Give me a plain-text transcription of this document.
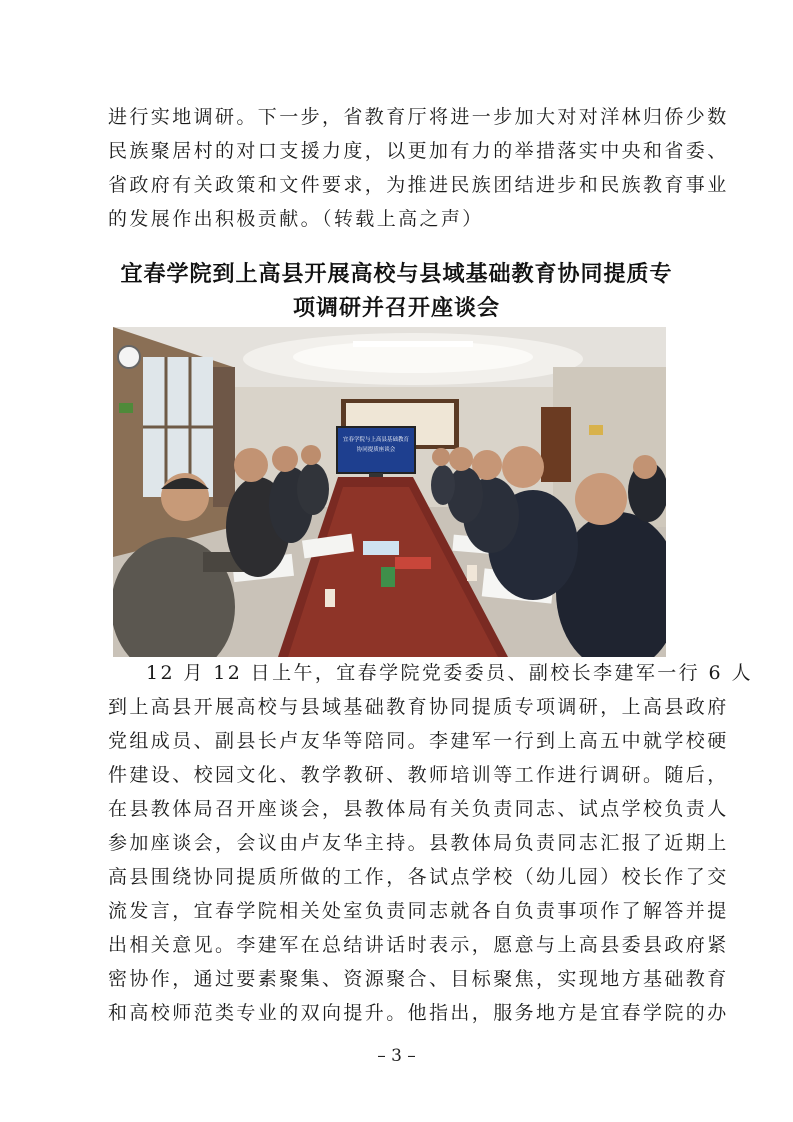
进行实地调研。下一步，省教育厅将进一步加大对对洋林归侨少数
民族聚居村的对口支援力度，以更加有力的举措落实中央和省委、
省政府有关政策和文件要求，为推进民族团结进步和民族教育事业
的发展作出积极贡献。（转载上高之声）
宜春学院到上高县开展高校与县域基础教育协同提质专
项调研并召开座谈会
宜春学院与上高县基础教育
协同提质座谈会
12 月 12 日上午，宜春学院党委委员、副校长李建军一行 6 人
到上高县开展高校与县域基础教育协同提质专项调研，上高县政府
党组成员、副县长卢友华等陪同。李建军一行到上高五中就学校硬
件建设、校园文化、教学教研、教师培训等工作进行调研。随后，
在县教体局召开座谈会，县教体局有关负责同志、试点学校负责人
参加座谈会，会议由卢友华主持。县教体局负责同志汇报了近期上
高县围绕协同提质所做的工作，各试点学校（幼儿园）校长作了交
流发言，宜春学院相关处室负责同志就各自负责事项作了解答并提
出相关意见。李建军在总结讲话时表示，愿意与上高县委县政府紧
密协作，通过要素聚集、资源聚合、目标聚焦，实现地方基础教育
和高校师范类专业的双向提升。他指出，服务地方是宜春学院的办
– 3 –
